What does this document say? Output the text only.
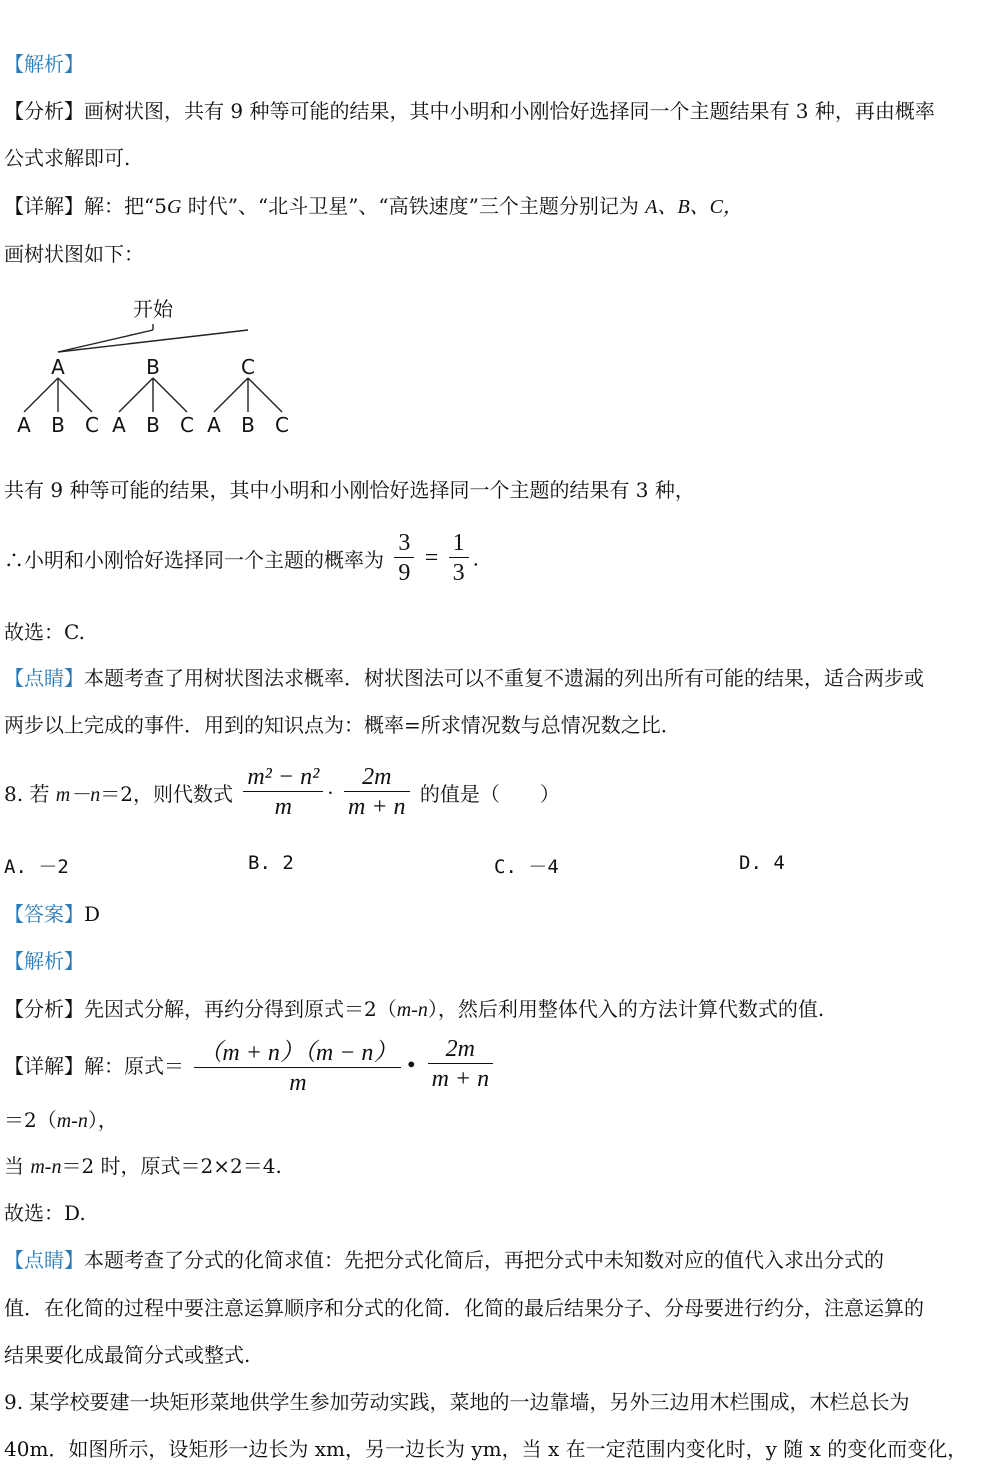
【解析】
【分析】画树状图，共有 9 种等可能的结果，其中小明和小刚恰好选择同一个主题结果有 3 种，再由概率
公式求解即可.
【详解】解：把“5G 时代”、“北斗卫星”、“高铁速度”三个主题分别记为 A、B、C，
画树状图如下：
开始
A	B	C
A B C A B C A B C
共有 9 种等可能的结果，其中小明和小刚恰好选择同一个主题的结果有 3 种，
∴小明和小刚恰好选择同一个主题的概率为 $\frac{3}{9} = \frac{1}{3}$ .
故选：C.
【点睛】本题考查了用树状图法求概率．树状图法可以不重复不遗漏的列出所有可能的结果，适合两步或
两步以上完成的事件．用到的知识点为：概率=所求情况数与总情况数之比．
8. 若 m－n＝2，则代数式 $\frac{\text{m² − n²}}{m} \cdot \frac{2m}{m + n}$ 的值是（　　）
A. －2	B. 2	C. －4	D. 4
【答案】D
【解析】
【分析】先因式分解，再约分得到原式＝2（m-n），然后利用整体代入的方法计算代数式的值.
【详解】解：原式＝ $\frac{(m + n)(m - n)}{m}$ • $\frac{2m}{m + n}$
＝2（m-n），
当 m-n＝2 时，原式＝2×2＝4.
故选：D.
【点睛】本题考查了分式的化简求值：先把分式化简后，再把分式中未知数对应的值代入求出分式的
值．在化简的过程中要注意运算顺序和分式的化简．化简的最后结果分子、分母要进行约分，注意运算的
结果要化成最简分式或整式.
9. 某学校要建一块矩形菜地供学生参加劳动实践，菜地的一边靠墙，另外三边用木栏围成，木栏总长为
40m．如图所示，设矩形一边长为 xm，另一边长为 ym，当 x 在一定范围内变化时，y 随 x 的变化而变化，
